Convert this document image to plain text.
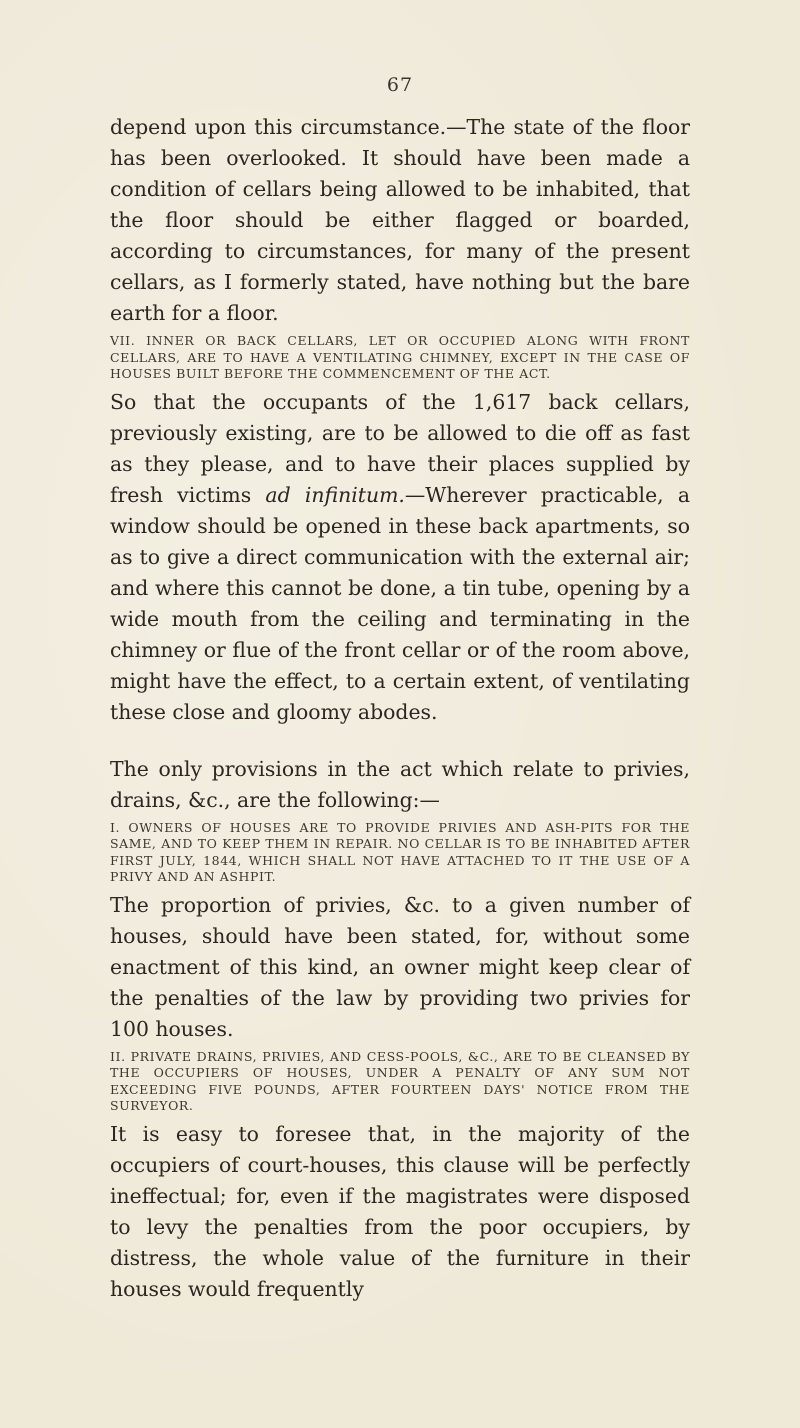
67

depend upon this circumstance.—The state of the floor has been overlooked. It should have been made a condition of cellars being allowed to be inhabited, that the floor should be either flagged or boarded, according to circumstances, for many of the present cellars, as I formerly stated, have nothing but the bare earth for a floor.

VII. INNER OR BACK CELLARS, LET OR OCCUPIED ALONG WITH FRONT CELLARS, ARE TO HAVE A VENTILATING CHIMNEY, EXCEPT IN THE CASE OF HOUSES BUILT BEFORE THE COMMENCEMENT OF THE ACT.

So that the occupants of the 1,617 back cellars, previously existing, are to be allowed to die off as fast as they please, and to have their places supplied by fresh victims ad infinitum.—Wherever practicable, a window should be opened in these back apartments, so as to give a direct communication with the external air; and where this cannot be done, a tin tube, opening by a wide mouth from the ceiling and terminating in the chimney or flue of the front cellar or of the room above, might have the effect, to a certain extent, of ventilating these close and gloomy abodes.

The only provisions in the act which relate to privies, drains, &c., are the following:—

I. OWNERS OF HOUSES ARE TO PROVIDE PRIVIES AND ASH-PITS FOR THE SAME, AND TO KEEP THEM IN REPAIR. NO CELLAR IS TO BE INHABITED AFTER FIRST JULY, 1844, WHICH SHALL NOT HAVE ATTACHED TO IT THE USE OF A PRIVY AND AN ASHPIT.

The proportion of privies, &c. to a given number of houses, should have been stated, for, without some enactment of this kind, an owner might keep clear of the penalties of the law by providing two privies for 100 houses.

II. PRIVATE DRAINS, PRIVIES, AND CESS-POOLS, &C., ARE TO BE CLEANSED BY THE OCCUPIERS OF HOUSES, UNDER A PENALTY OF ANY SUM NOT EXCEEDING FIVE POUNDS, AFTER FOURTEEN DAYS' NOTICE FROM THE SURVEYOR.

It is easy to foresee that, in the majority of the occupiers of court-houses, this clause will be perfectly ineffectual; for, even if the magistrates were disposed to levy the penalties from the poor occupiers, by distress, the whole value of the furniture in their houses would frequently
